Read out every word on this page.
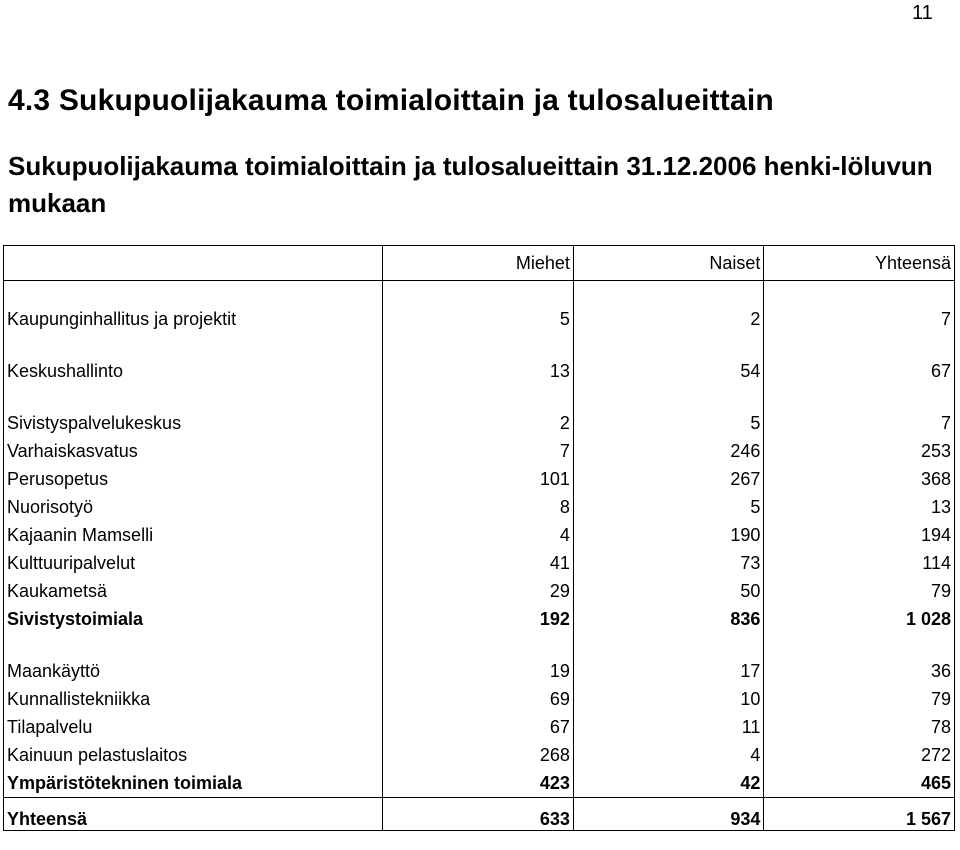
11
4.3 Sukupuolijakauma toimialoittain ja tulosalueittain
Sukupuolijakauma toimialoittain ja tulosalueittain 31.12.2006 henki-löluvun mukaan
	Miehet	Naiset	Yhteensä

Kaupunginhallitus ja projektit	5	2	7

Keskushallinto	13	54	67

Sivistyspalvelukeskus	2	5	7
Varhaiskasvatus	7	246	253
Perusopetus	101	267	368
Nuorisotyö	8	5	13
Kajaanin Mamselli	4	190	194
Kulttuuripalvelut	41	73	114
Kaukametsä	29	50	79
Sivistystoimiala	192	836	1 028

Maankäyttö	19	17	36
Kunnallistekniikka	69	10	79
Tilapalvelu	67	11	78
Kainuun pelastuslaitos	268	4	272
Ympäristötekninen toimiala	423	42	465
Yhteensä	633	934	1 567
